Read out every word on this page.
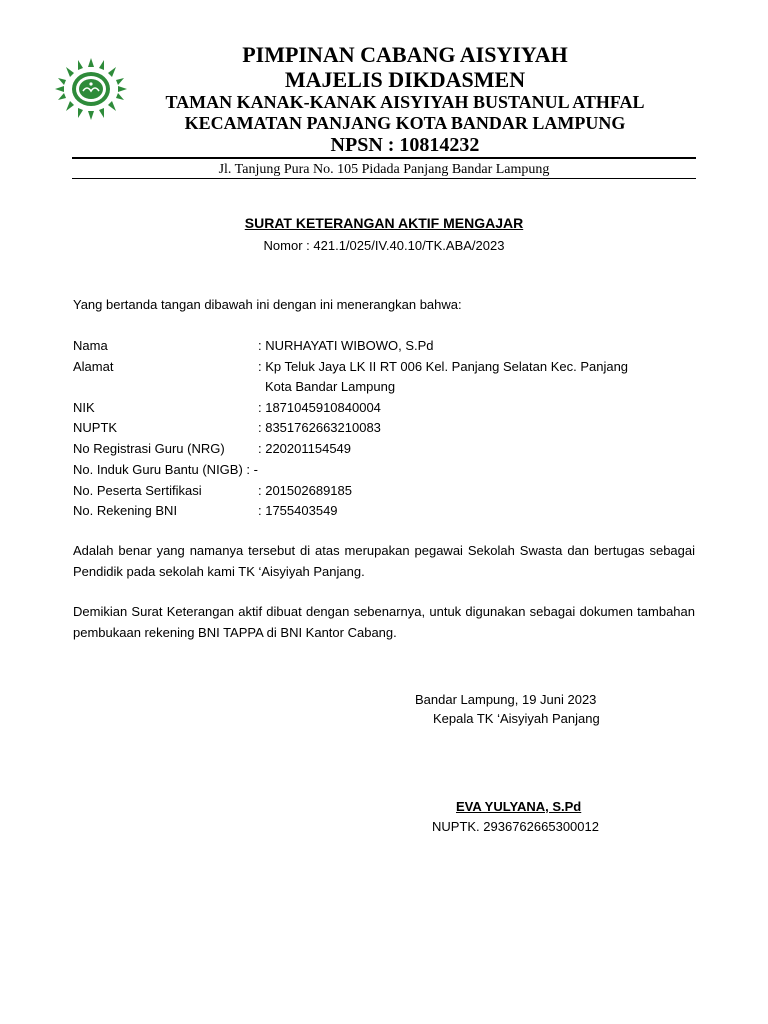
PIMPINAN CABANG AISYIYAH
MAJELIS DIKDASMEN
TAMAN KANAK-KANAK AISYIYAH BUSTANUL ATHFAL
KECAMATAN PANJANG KOTA BANDAR LAMPUNG
NPSN : 10814232
Jl. Tanjung Pura No. 105 Pidada Panjang Bandar Lampung
SURAT KETERANGAN AKTIF MENGAJAR
Nomor : 421.1/025/IV.40.10/TK.ABA/2023
Yang bertanda tangan dibawah ini dengan ini menerangkan bahwa:
Nama	: NURHAYATI WIBOWO, S.Pd
Alamat	: Kp Teluk Jaya LK II RT 006 Kel. Panjang Selatan Kec. Panjang
Kota Bandar Lampung
NIK	: 1871045910840004
NUPTK	: 8351762663210083
No Registrasi Guru (NRG)	: 220201154549
No. Induk Guru Bantu (NIGB) : -
No. Peserta Sertifikasi	: 201502689185
No. Rekening BNI	: 1755403549
Adalah benar yang namanya tersebut di atas merupakan pegawai Sekolah Swasta dan bertugas sebagai Pendidik pada sekolah kami TK ‘Aisyiyah Panjang.
Demikian Surat Keterangan aktif dibuat dengan sebenarnya, untuk digunakan sebagai dokumen tambahan pembukaan rekening BNI TAPPA di BNI Kantor Cabang.
Bandar Lampung, 19 Juni 2023
Kepala TK ‘Aisyiyah Panjang
EVA YULYANA, S.Pd
NUPTK. 2936762665300012
